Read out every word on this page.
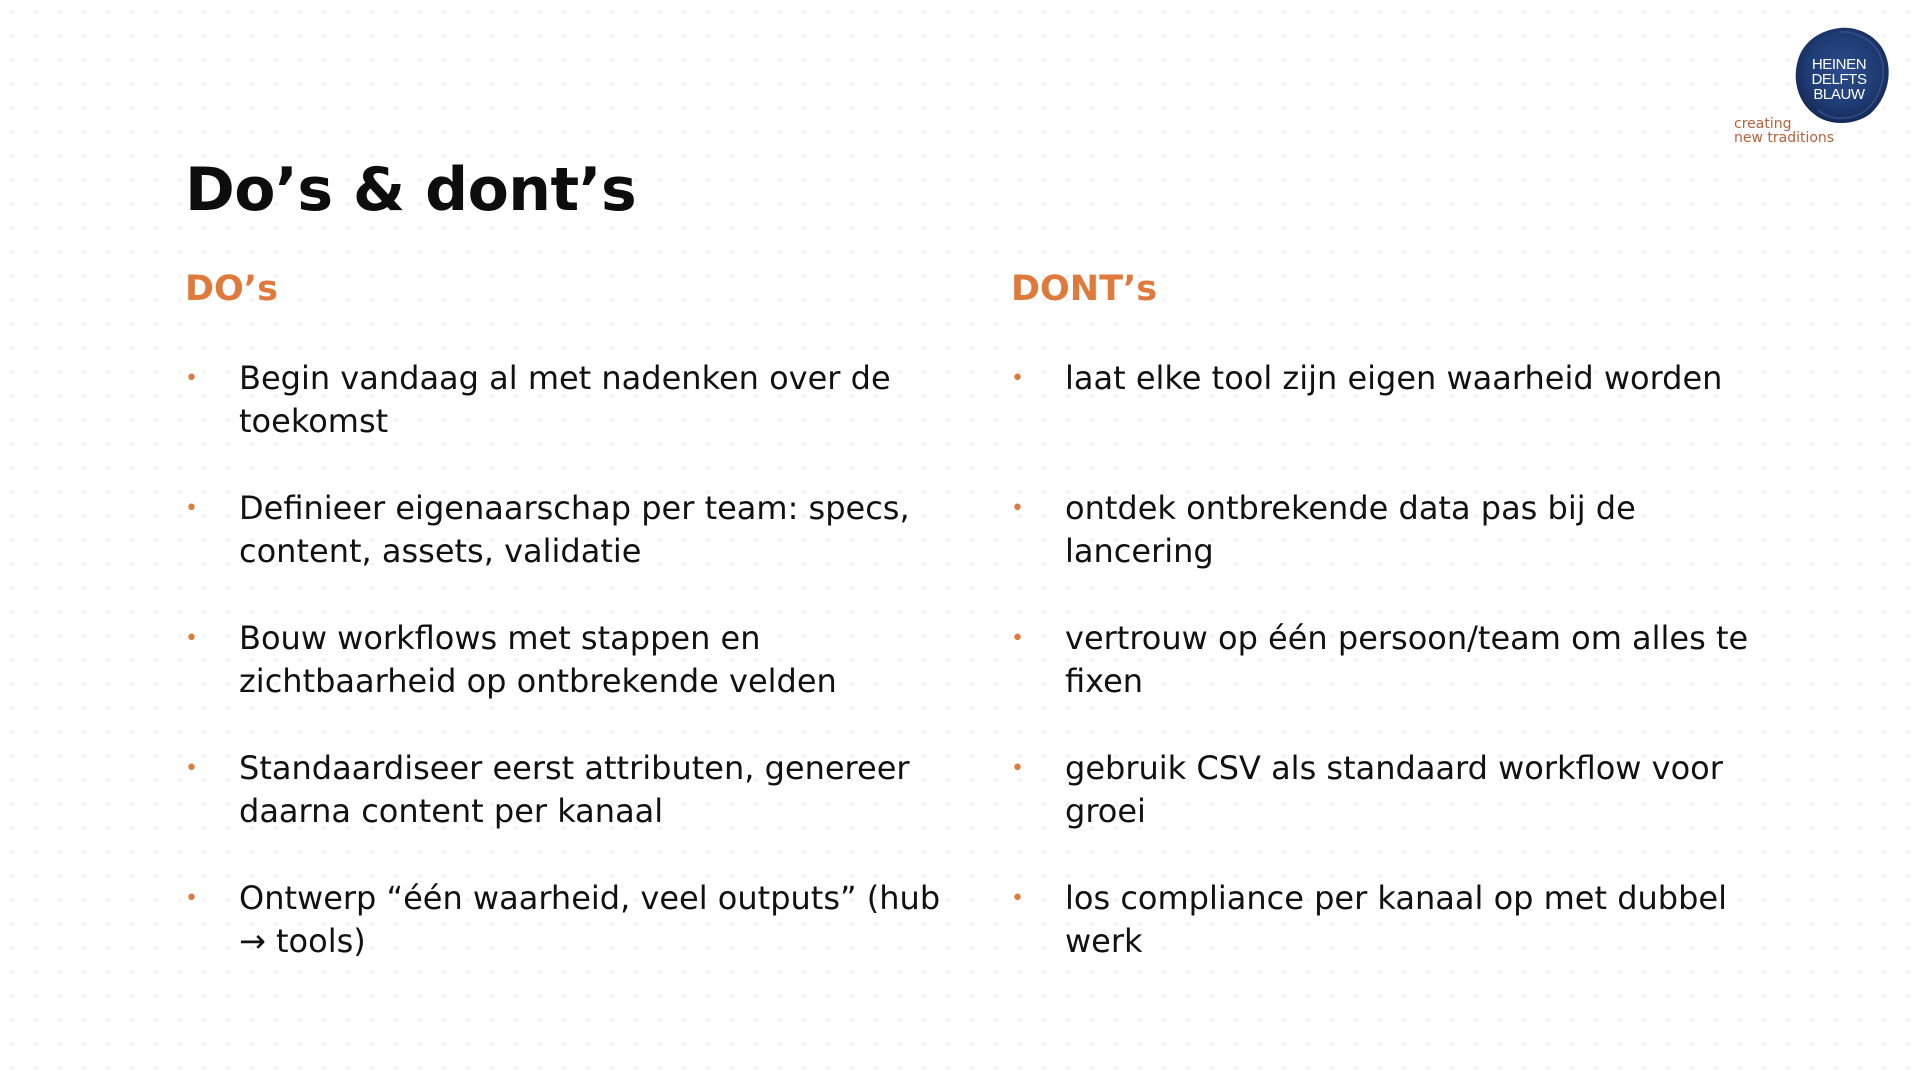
Do’s & dont’s
HEINEN
DELFTS
BLAUW
creating
new traditions
DO’s
• Begin vandaag al met nadenken over de toekomst
• Definieer eigenaarschap per team: specs, content, assets, validatie
• Bouw workflows met stappen en zichtbaarheid op ontbrekende velden
• Standaardiseer eerst attributen, genereer daarna content per kanaal
• Ontwerp “één waarheid, veel outputs” (hub → tools)
DONT’s
• laat elke tool zijn eigen waarheid worden
• ontdek ontbrekende data pas bij de lancering
• vertrouw op één persoon/team om alles te fixen
• gebruik CSV als standaard workflow voor groei
• los compliance per kanaal op met dubbel werk
